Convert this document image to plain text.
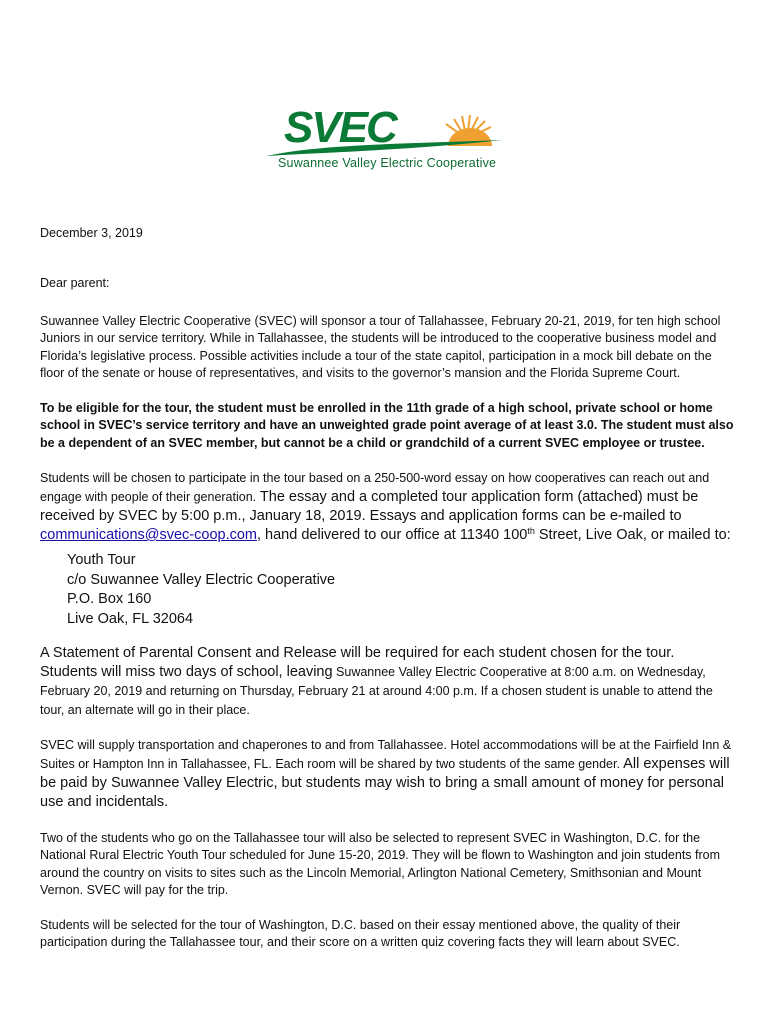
SVEC
Suwannee Valley Electric Cooperative
December 3, 2019
Dear parent:

Suwannee Valley Electric Cooperative (SVEC) will sponsor a tour of Tallahassee, February 20-21, 2019, for ten high school Juniors in our service territory. While in Tallahassee, the students will be introduced to the cooperative business model and Florida’s legislative process. Possible activities include a tour of the state capitol, participation in a mock bill debate on the floor of the senate or house of representatives, and visits to the governor’s mansion and the Florida Supreme Court.

To be eligible for the tour, the student must be enrolled in the 11th grade of a high school, private school or home school in SVEC’s service territory and have an unweighted grade point average of at least 3.0. The student must also be a dependent of an SVEC member, but cannot be a child or grandchild of a current SVEC employee or trustee.

Students will be chosen to participate in the tour based on a 250-500-word essay on how cooperatives can reach out and engage with people of their generation. The essay and a completed tour application form (attached) must be received by SVEC by 5:00 p.m., January 18, 2019. Essays and application forms can be e-mailed to communications@svec-coop.com, hand delivered to our office at 11340 100th Street, Live Oak, or mailed to:

Youth Tour
c/o Suwannee Valley Electric Cooperative
P.O. Box 160
Live Oak, FL 32064

A Statement of Parental Consent and Release will be required for each student chosen for the tour. Students will miss two days of school, leaving Suwannee Valley Electric Cooperative at 8:00 a.m. on Wednesday, February 20, 2019 and returning on Thursday, February 21 at around 4:00 p.m. If a chosen student is unable to attend the tour, an alternate will go in their place.

SVEC will supply transportation and chaperones to and from Tallahassee. Hotel accommodations will be at the Fairfield Inn & Suites or Hampton Inn in Tallahassee, FL. Each room will be shared by two students of the same gender. All expenses will be paid by Suwannee Valley Electric, but students may wish to bring a small amount of money for personal use and incidentals.

Two of the students who go on the Tallahassee tour will also be selected to represent SVEC in Washington, D.C. for the National Rural Electric Youth Tour scheduled for June 15-20, 2019. They will be flown to Washington and join students from around the country on visits to sites such as the Lincoln Memorial, Arlington National Cemetery, Smithsonian and Mount Vernon. SVEC will pay for the trip.

Students will be selected for the tour of Washington, D.C. based on their essay mentioned above, the quality of their participation during the Tallahassee tour, and their score on a written quiz covering facts they will learn about SVEC.
